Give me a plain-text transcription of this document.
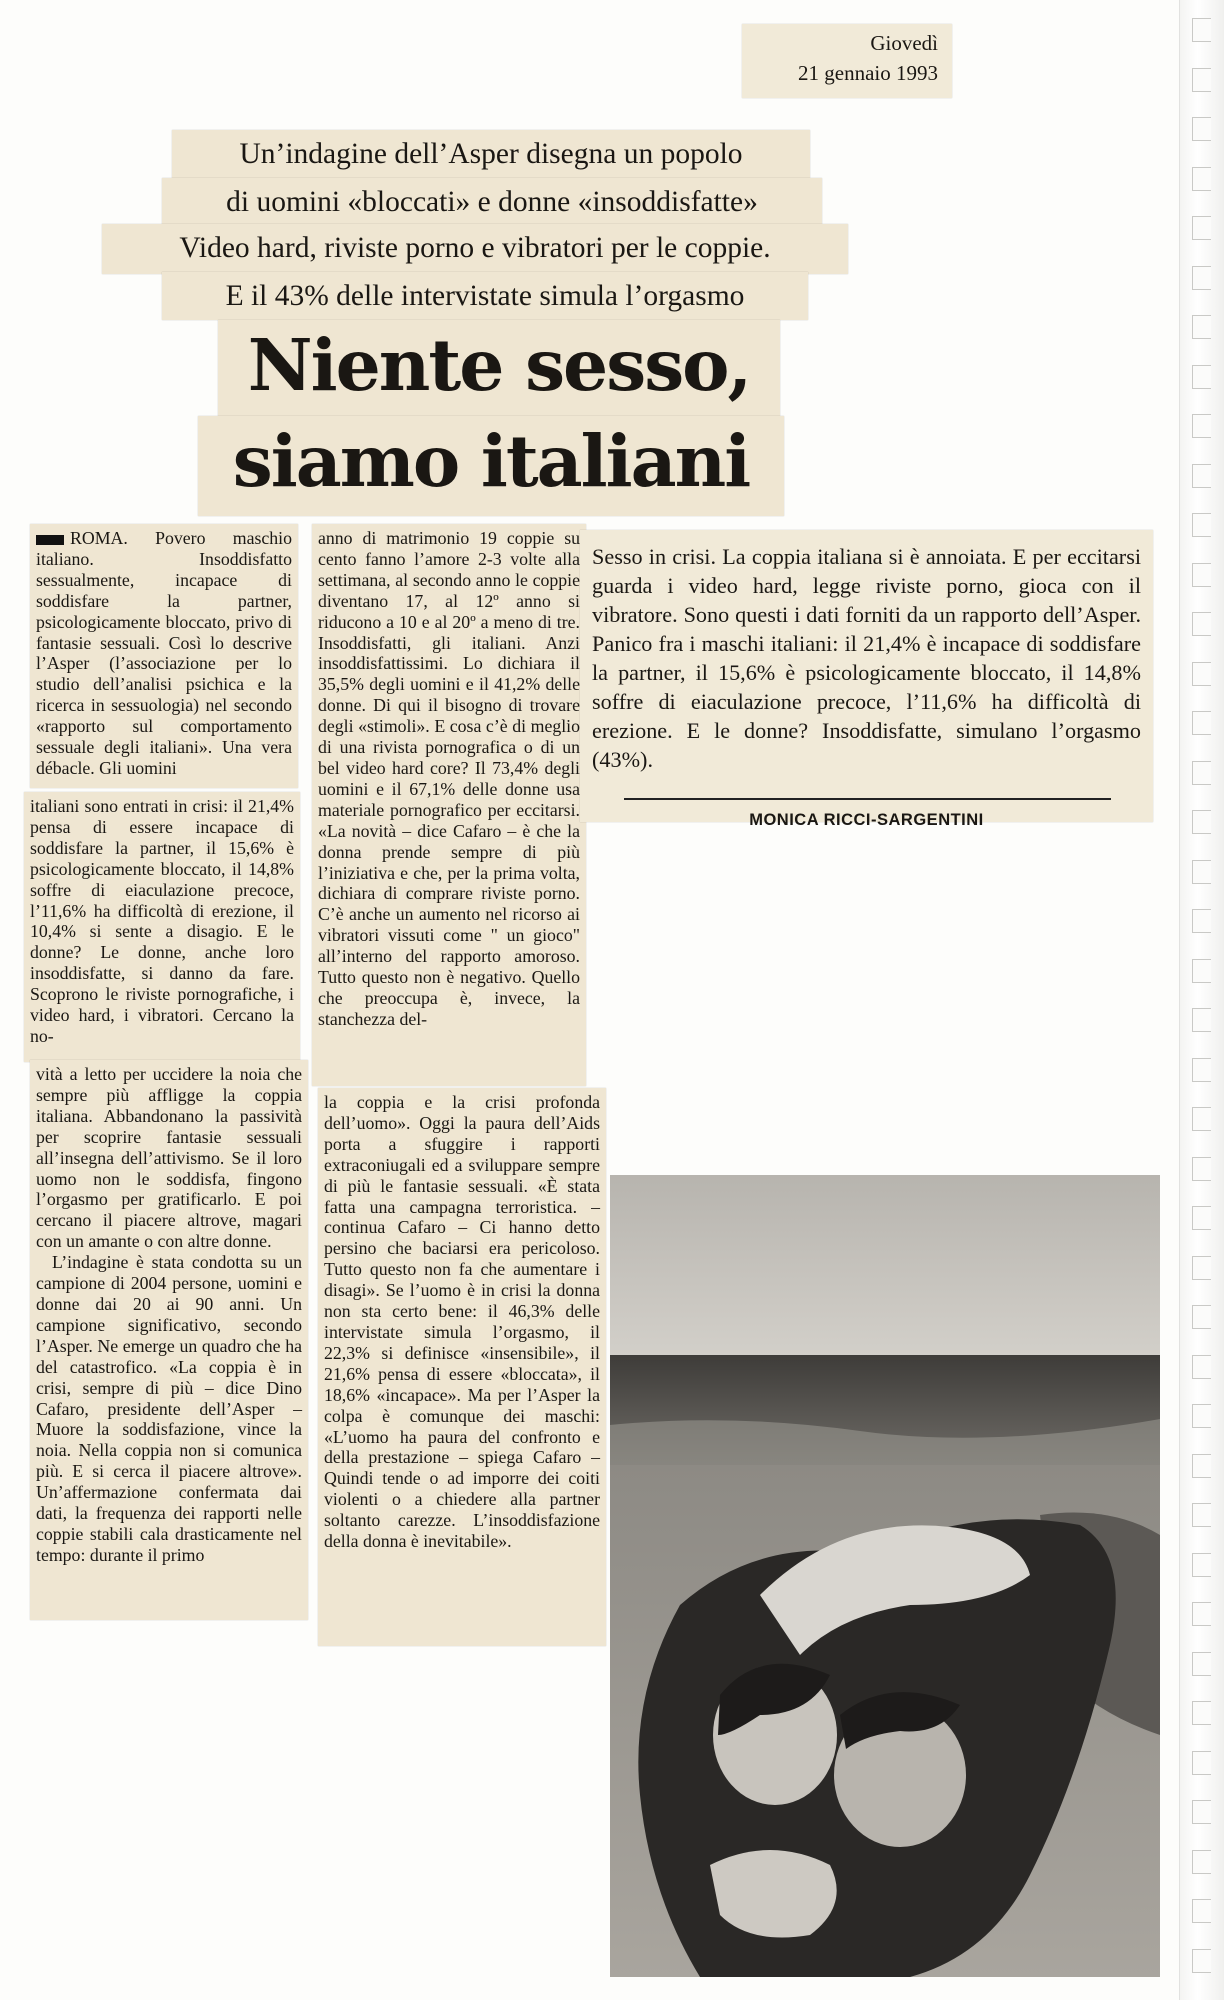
Giovedì
21 gennaio 1993
Un’indagine dell’Asper disegna un popolo
di uomini «bloccati» e donne «insoddisfatte»
Video hard, riviste porno e vibratori per le coppie.
E il 43% delle intervistate simula l’orgasmo
Niente sesso,
siamo italiani

ROMA. Povero maschio italiano. Insoddisfatto sessualmente, incapace di soddisfare la partner, psicologicamente bloccato, privo di fantasie sessuali. Così lo descrive l’Asper (l’associazione per lo studio dell’analisi psichica e la ricerca in sessuologia) nel secondo «rapporto sul comportamento sessuale degli italiani». Una vera débacle. Gli uomini

italiani sono entrati in crisi: il 21,4% pensa di essere incapace di soddisfare la partner, il 15,6% è psicologicamente bloccato, il 14,8% soffre di eiaculazione precoce, l’11,6% ha difficoltà di erezione, il 10,4% si sente a disagio. E le donne? Le donne, anche loro insoddisfatte, si danno da fare. Scoprono le riviste pornografiche, i video hard, i vibratori. Cercano la no-

vità a letto per uccidere la noia che sempre più affligge la coppia italiana. Abbandonano la passività per scoprire fantasie sessuali all’insegna dell’attivismo. Se il loro uomo non le soddisfa, fingono l’orgasmo per gratificarlo. E poi cercano il piacere altrove, magari con un amante o con altre donne.

L’indagine è stata condotta su un campione di 2004 persone, uomini e donne dai 20 ai 90 anni. Un campione significativo, secondo l’Asper. Ne emerge un quadro che ha del catastrofico. «La coppia è in crisi, sempre di più – dice Dino Cafaro, presidente dell’Asper – Muore la soddisfazione, vince la noia. Nella coppia non si comunica più. E si cerca il piacere altrove». Un’affermazione confermata dai dati, la frequenza dei rapporti nelle coppie stabili cala drasticamente nel tempo: durante il primo

anno di matrimonio 19 coppie su cento fanno l’amore 2-3 volte alla settimana, al secondo anno le coppie diventano 17, al 12º anno si riducono a 10 e al 20º a meno di tre. Insoddisfatti, gli italiani. Anzi insoddisfattissimi. Lo dichiara il 35,5% degli uomini e il 41,2% delle donne. Di qui il bisogno di trovare degli «stimoli». E cosa c’è di meglio di una rivista pornografica o di un bel video hard core? Il 73,4% degli uomini e il 67,1% delle donne usa materiale pornografico per eccitarsi. «La novità – dice Cafaro – è che la donna prende sempre di più l’iniziativa e che, per la prima volta, dichiara di comprare riviste porno. C’è anche un aumento nel ricorso ai vibratori vissuti come " un gioco" all’interno del rapporto amoroso. Tutto questo non è negativo. Quello che preoccupa è, invece, la stanchezza del-

la coppia e la crisi profonda dell’uomo». Oggi la paura dell’Aids porta a sfuggire i rapporti extraconiugali ed a sviluppare sempre di più le fantasie sessuali. «È stata fatta una campagna terroristica. – continua Cafaro – Ci hanno detto persino che baciarsi era pericoloso. Tutto questo non fa che aumentare i disagi». Se l’uomo è in crisi la donna non sta certo bene: il 46,3% delle intervistate simula l’orgasmo, il 22,3% si definisce «insensibile», il 21,6% pensa di essere «bloccata», il 18,6% «incapace». Ma per l’Asper la colpa è comunque dei maschi: «L’uomo ha paura del confronto e della prestazione – spiega Cafaro – Quindi tende o ad imporre dei coiti violenti o a chiedere alla partner soltanto carezze. L’insoddisfazione della donna è inevitabile».

Sesso in crisi. La coppia italiana si è annoiata. E per eccitarsi guarda i video hard, legge riviste porno, gioca con il vibratore. Sono questi i dati forniti da un rapporto dell’Asper. Panico fra i maschi italiani: il 21,4% è incapace di soddisfare la partner, il 15,6% è psicologicamente bloccato, il 14,8% soffre di eiaculazione precoce, l’11,6% ha difficoltà di erezione. E le donne? Insoddisfatte, simulano l’orgasmo (43%).
MONICA RICCI-SARGENTINI
